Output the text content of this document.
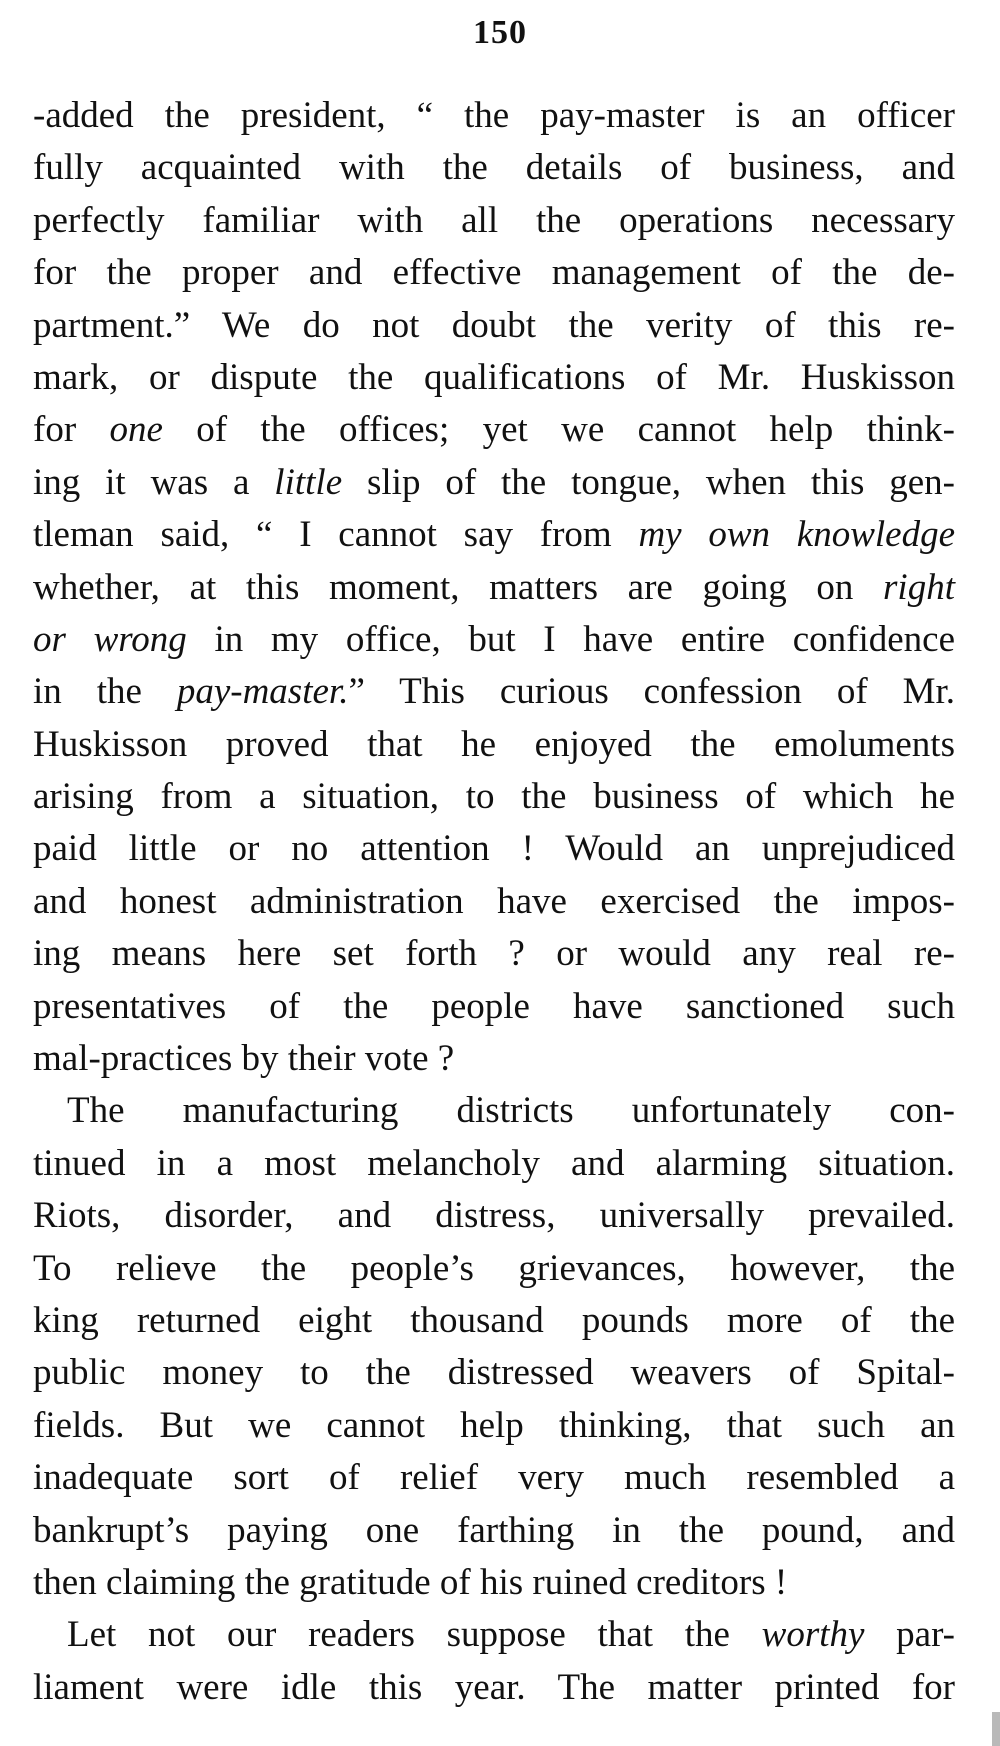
150
-added the president, “ the pay-master is an officer
fully acquainted with the details of business, and
perfectly familiar with all the operations necessary
for the proper and effective management of the de-
partment.” We do not doubt the verity of this re-
mark, or dispute the qualifications of Mr. Huskisson
for one of the offices; yet we cannot help think-
ing it was a little slip of the tongue, when this gen-
tleman said, “ I cannot say from my own knowledge
whether, at this moment, matters are going on right
or wrong in my office, but I have entire confidence
in the pay-master.” This curious confession of Mr.
Huskisson proved that he enjoyed the emoluments
arising from a situation, to the business of which he
paid little or no attention ! Would an unprejudiced
and honest administration have exercised the impos-
ing means here set forth ? or would any real re-
presentatives of the people have sanctioned such
mal-practices by their vote ?
The manufacturing districts unfortunately con-
tinued in a most melancholy and alarming situation.
Riots, disorder, and distress, universally prevailed.
To relieve the people’s grievances, however, the
king returned eight thousand pounds more of the
public money to the distressed weavers of Spital-
fields. But we cannot help thinking, that such an
inadequate sort of relief very much resembled a
bankrupt’s paying one farthing in the pound, and
then claiming the gratitude of his ruined creditors !
Let not our readers suppose that the worthy par-
liament were idle this year. The matter printed for
